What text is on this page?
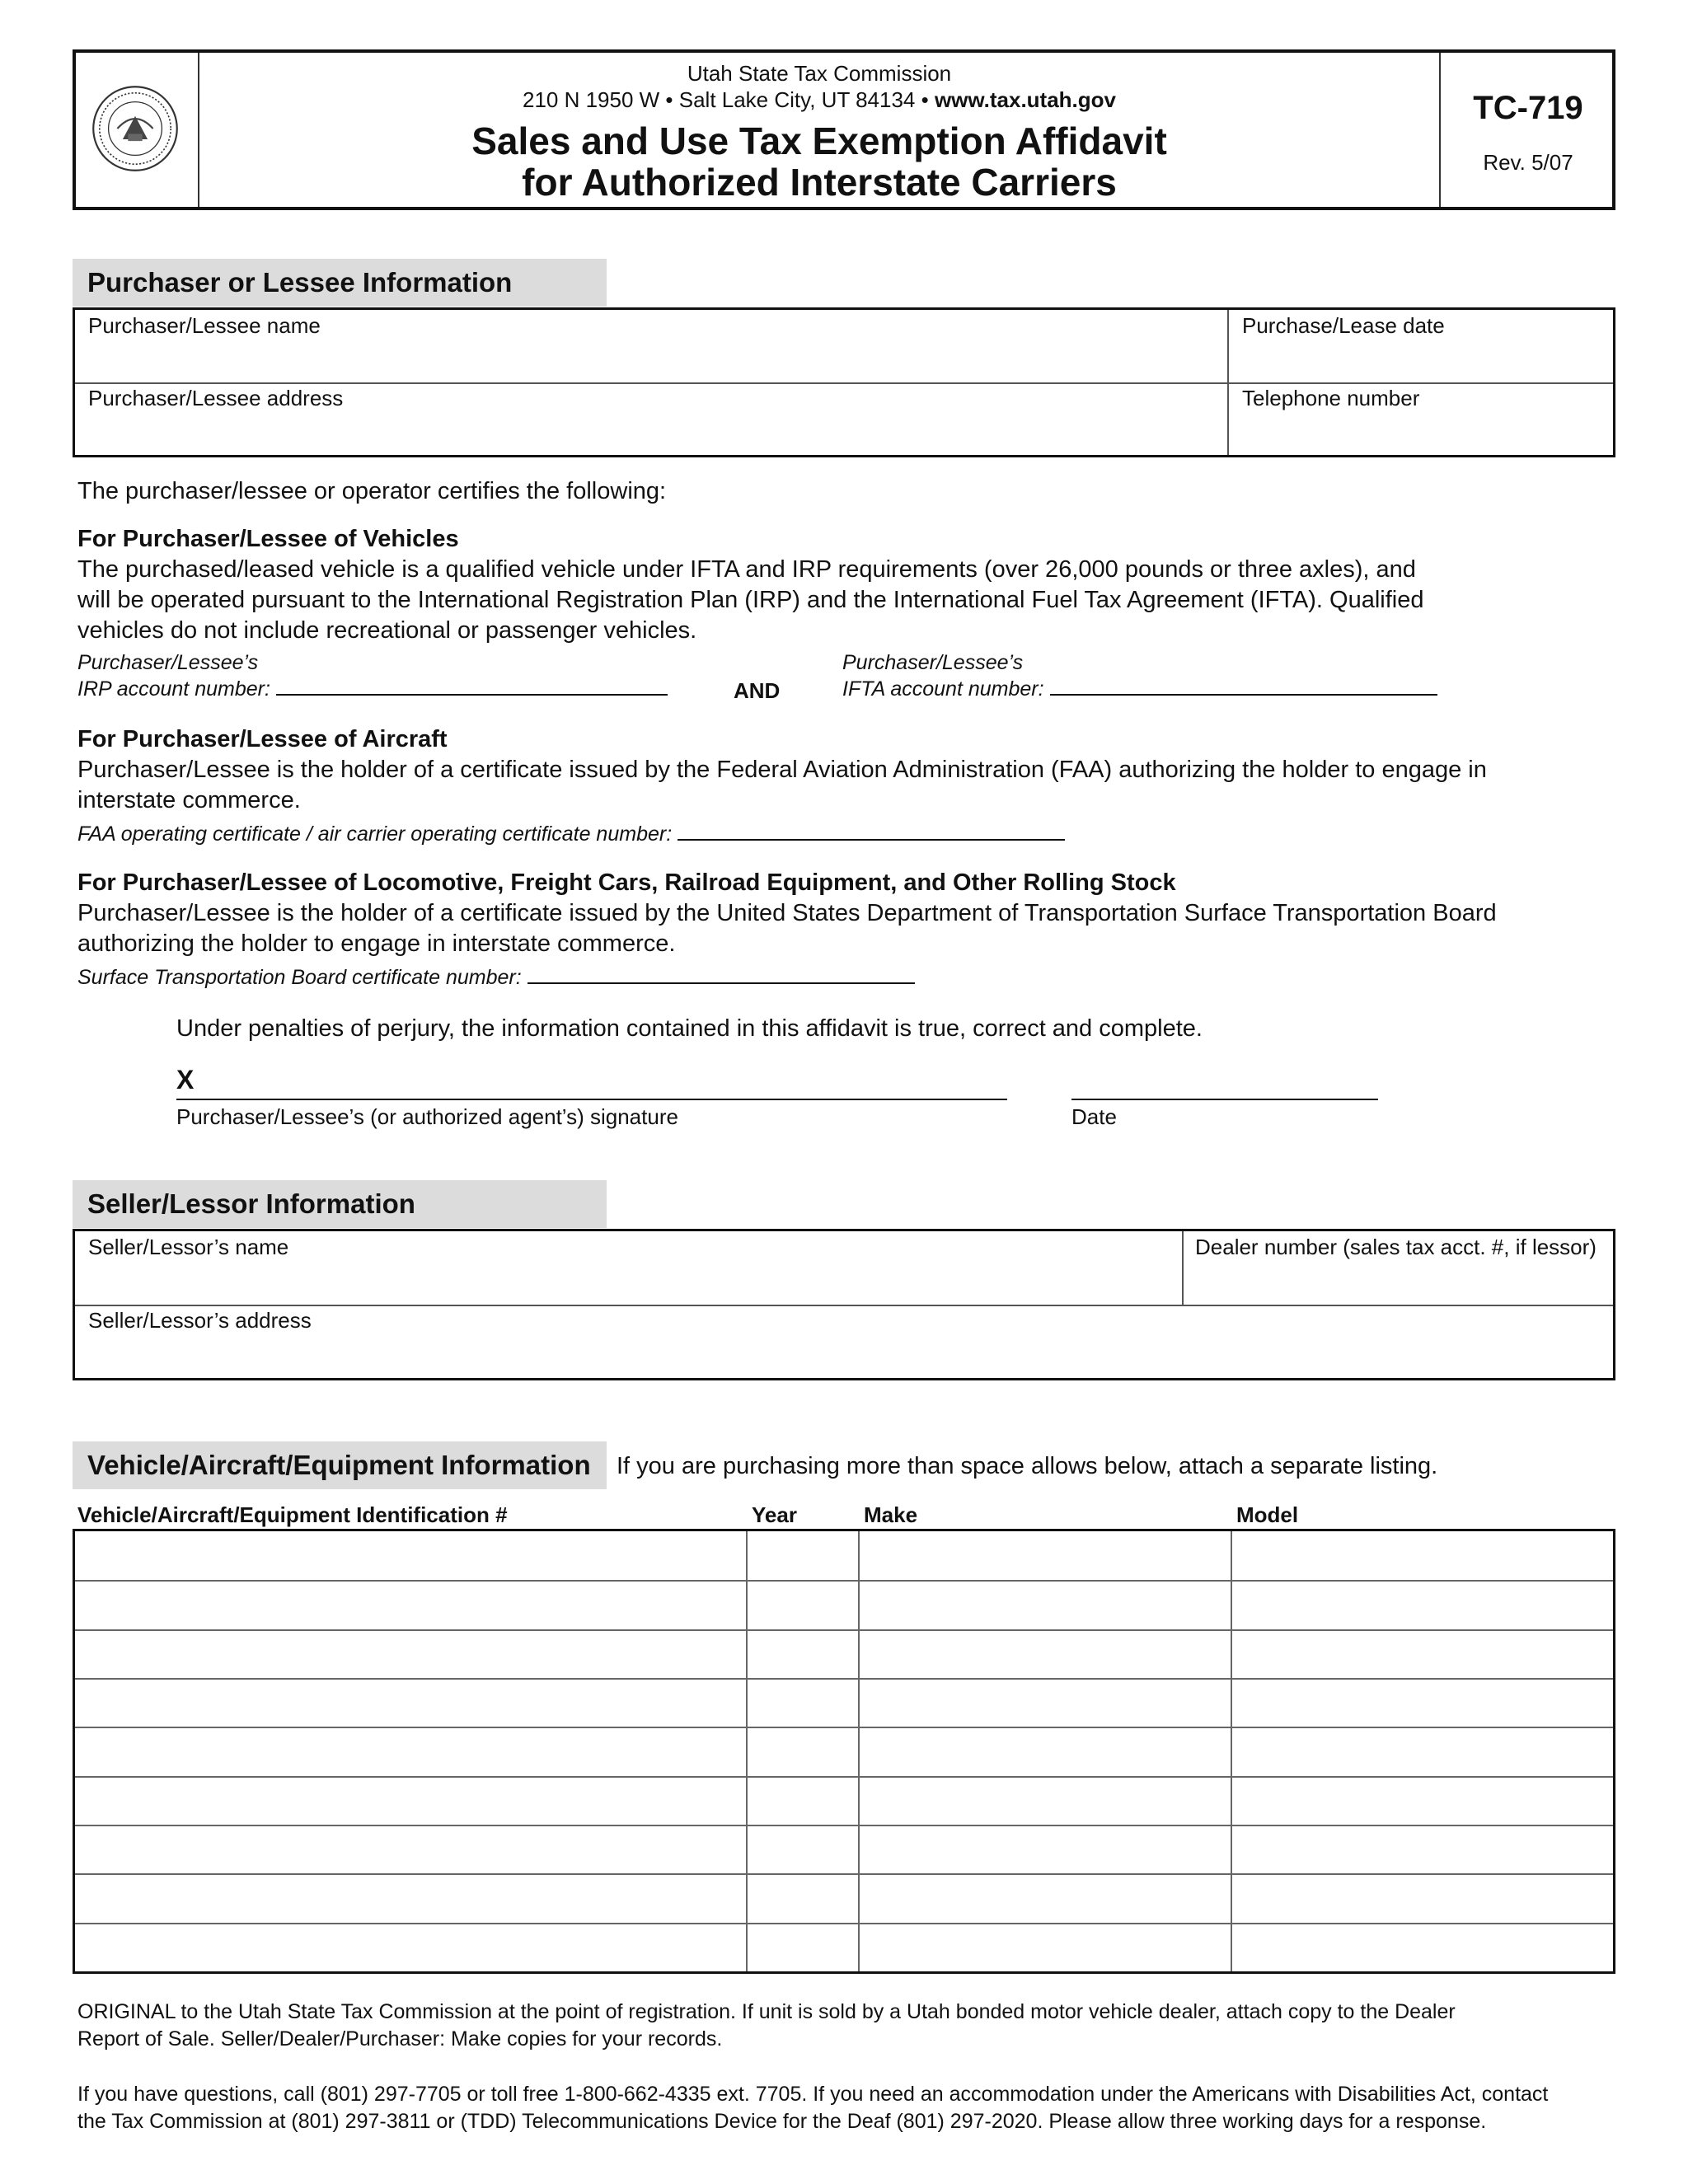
Utah State Tax Commission
210 N 1950 W • Salt Lake City, UT 84134 • www.tax.utah.gov
Sales and Use Tax Exemption Affidavit
for Authorized Interstate Carriers
TC-719
Rev. 5/07
Purchaser or Lessee Information
Purchaser/Lessee name	Purchase/Lease date
Purchaser/Lessee address	Telephone number
The purchaser/lessee or operator certifies the following:
For Purchaser/Lessee of Vehicles
The purchased/leased vehicle is a qualified vehicle under IFTA and IRP requirements (over 26,000 pounds or three axles), and
will be operated pursuant to the International Registration Plan (IRP) and the International Fuel Tax Agreement (IFTA). Qualified
vehicles do not include recreational or passenger vehicles.
Purchaser/Lessee’s
IRP account number:	AND
Purchaser/Lessee’s
IFTA account number:
For Purchaser/Lessee of Aircraft
Purchaser/Lessee is the holder of a certificate issued by the Federal Aviation Administration (FAA) authorizing the holder to engage in
interstate commerce.
FAA operating certificate / air carrier operating certificate number:
For Purchaser/Lessee of Locomotive, Freight Cars, Railroad Equipment, and Other Rolling Stock
Purchaser/Lessee is the holder of a certificate issued by the United States Department of Transportation Surface Transportation Board
authorizing the holder to engage in interstate commerce.
Surface Transportation Board certificate number:
Under penalties of perjury, the information contained in this affidavit is true, correct and complete.
X
Purchaser/Lessee’s (or authorized agent’s) signature	Date
Seller/Lessor Information
Seller/Lessor’s name	Dealer number (sales tax acct. #, if lessor)
Seller/Lessor’s address
Vehicle/Aircraft/Equipment Information	If you are purchasing more than space allows below, attach a separate listing.
Vehicle/Aircraft/Equipment Identification #	Year	Make	Model
ORIGINAL to the Utah State Tax Commission at the point of registration. If unit is sold by a Utah bonded motor vehicle dealer, attach copy to the Dealer
Report of Sale. Seller/Dealer/Purchaser: Make copies for your records.
If you have questions, call (801) 297-7705 or toll free 1-800-662-4335 ext. 7705. If you need an accommodation under the Americans with Disabilities Act, contact
the Tax Commission at (801) 297-3811 or (TDD) Telecommunications Device for the Deaf (801) 297-2020. Please allow three working days for a response.
